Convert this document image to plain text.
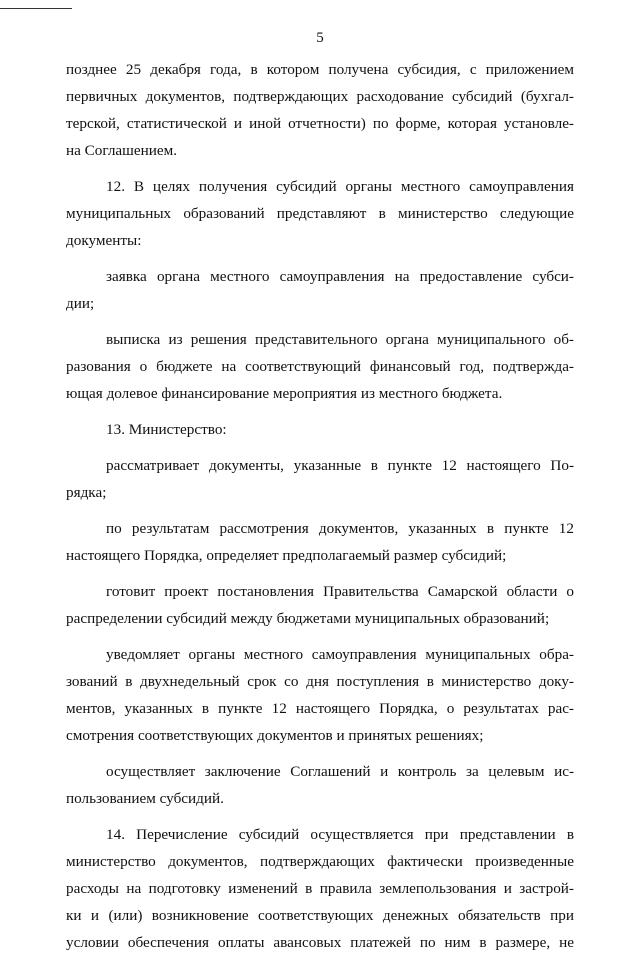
5
позднее 25 декабря года, в котором получена субсидия, с приложением
первичных документов, подтверждающих расходование субсидий (бухгал-
терской, статистической и иной отчетности) по форме, которая установле-
на Соглашением.
12. В целях получения субсидий органы местного самоуправления
муниципальных образований представляют в министерство следующие
документы:
заявка органа местного самоуправления на предоставление субси-
дии;
выписка из решения представительного органа муниципального об-
разования о бюджете на соответствующий финансовый год, подтвержда-
ющая долевое финансирование мероприятия из местного бюджета.
13. Министерство:
рассматривает документы, указанные в пункте 12 настоящего По-
рядка;
по результатам рассмотрения документов, указанных в пункте 12
настоящего Порядка, определяет предполагаемый размер субсидий;
готовит проект постановления Правительства Самарской области о
распределении субсидий между бюджетами муниципальных образований;
уведомляет органы местного самоуправления муниципальных обра-
зований в двухнедельный срок со дня поступления в министерство доку-
ментов, указанных в пункте 12 настоящего Порядка, о результатах рас-
смотрения соответствующих документов и принятых решениях;
осуществляет заключение Соглашений и контроль за целевым ис-
пользованием субсидий.
14. Перечисление субсидий осуществляется при представлении в
министерство документов, подтверждающих фактически произведенные
расходы на подготовку изменений в правила землепользования и застрой-
ки и (или) возникновение соответствующих денежных обязательств при
условии обеспечения оплаты авансовых платежей по ним в размере, не
